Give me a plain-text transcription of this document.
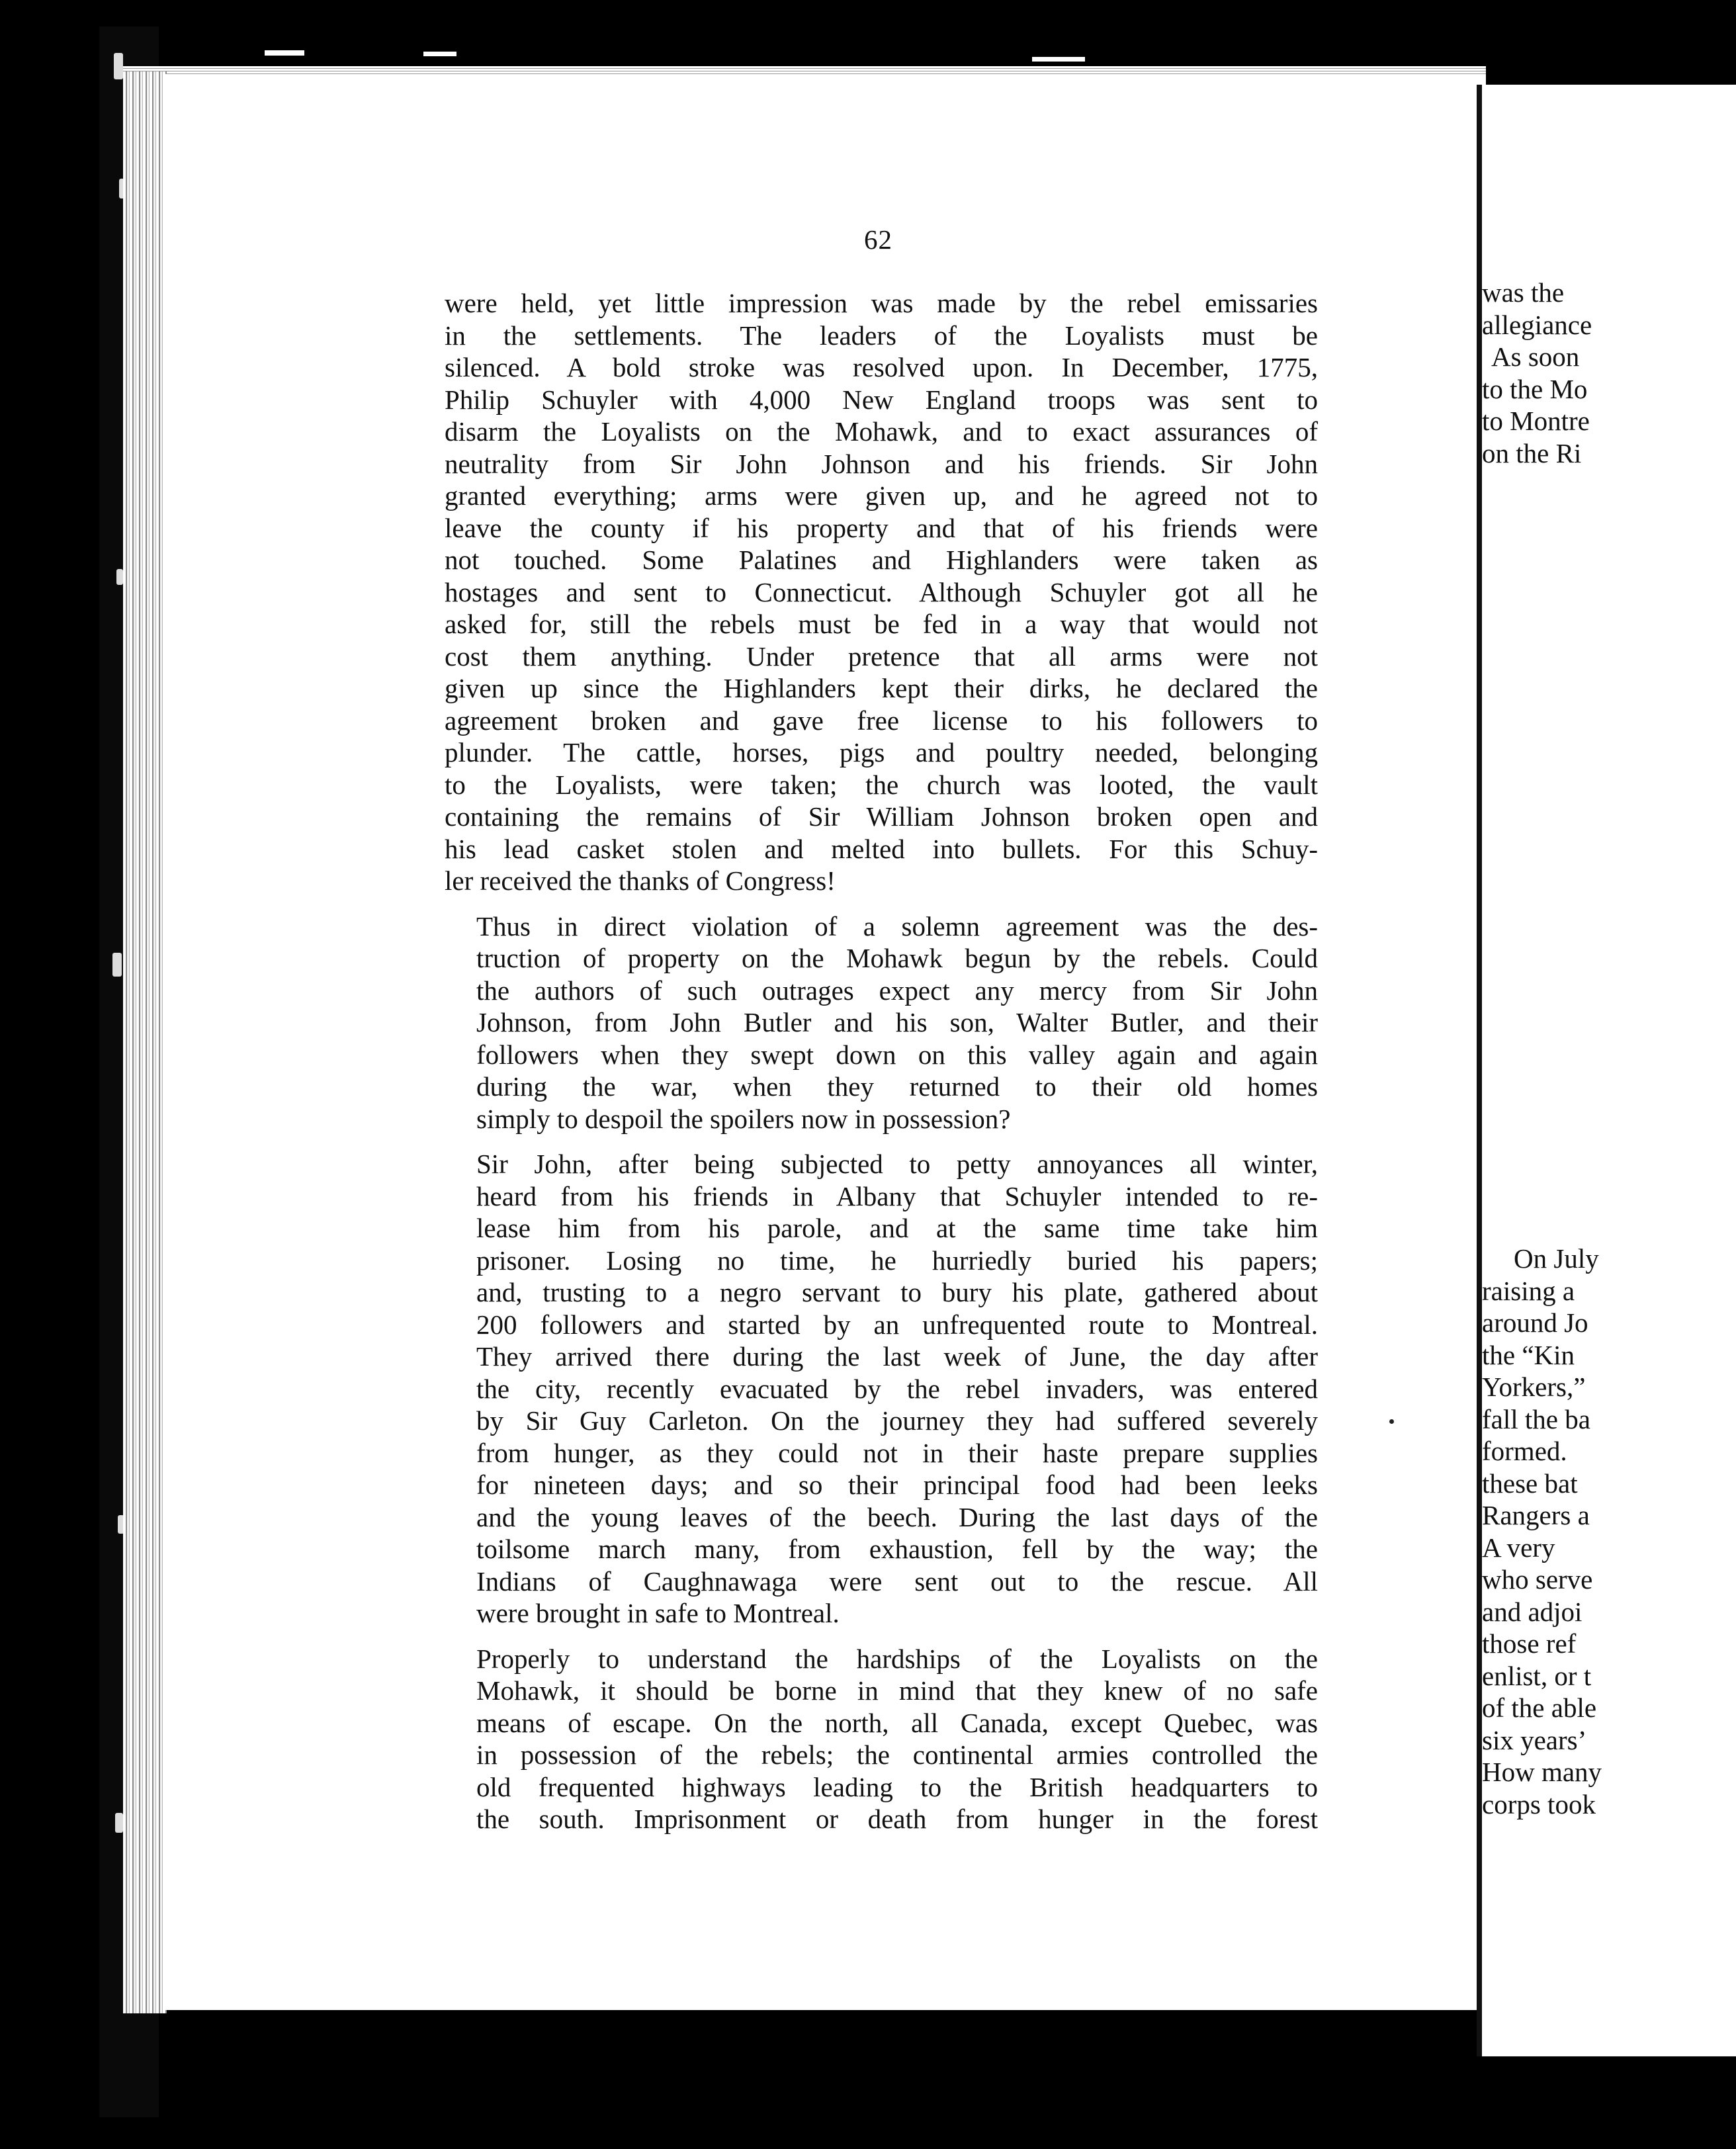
62

were held, yet little impression was made by the rebel emissaries
in the settlements. The leaders of the Loyalists must be
silenced. A bold stroke was resolved upon. In December, 1775,
Philip Schuyler with 4,000 New England troops was sent to
disarm the Loyalists on the Mohawk, and to exact assurances of
neutrality from Sir John Johnson and his friends. Sir John
granted everything; arms were given up, and he agreed not to
leave the county if his property and that of his friends were
not touched. Some Palatines and Highlanders were taken as
hostages and sent to Connecticut. Although Schuyler got all he
asked for, still the rebels must be fed in a way that would not
cost them anything. Under pretence that all arms were not
given up since the Highlanders kept their dirks, he declared the
agreement broken and gave free license to his followers to
plunder. The cattle, horses, pigs and poultry needed, belonging
to the Loyalists, were taken; the church was looted, the vault
containing the remains of Sir William Johnson broken open and
his lead casket stolen and melted into bullets. For this Schuy-
ler received the thanks of Congress!

Thus in direct violation of a solemn agreement was the des-
truction of property on the Mohawk begun by the rebels. Could
the authors of such outrages expect any mercy from Sir John
Johnson, from John Butler and his son, Walter Butler, and their
followers when they swept down on this valley again and again
during the war, when they returned to their old homes
simply to despoil the spoilers now in possession?

Sir John, after being subjected to petty annoyances all winter,
heard from his friends in Albany that Schuyler intended to re-
lease him from his parole, and at the same time take him
prisoner. Losing no time, he hurriedly buried his papers;
and, trusting to a negro servant to bury his plate, gathered about
200 followers and started by an unfrequented route to Montreal.
They arrived there during the last week of June, the day after
the city, recently evacuated by the rebel invaders, was entered
by Sir Guy Carleton. On the journey they had suffered severely
from hunger, as they could not in their haste prepare supplies
for nineteen days; and so their principal food had been leeks
and the young leaves of the beech. During the last days of the
toilsome march many, from exhaustion, fell by the way; the
Indians of Caughnawaga were sent out to the rescue. All
were brought in safe to Montreal.

Properly to understand the hardships of the Loyalists on the
Mohawk, it should be borne in mind that they knew of no safe
means of escape. On the north, all Canada, except Quebec, was
in possession of the rebels; the continental armies controlled the
old frequented highways leading to the British headquarters to
the south. Imprisonment or death from hunger in the forest

was the
allegiance
As soon
to the Mo
to Montre
on the Ri
On July
raising a
around Jo
the “Kin
Yorkers,”
fall the ba
formed.
these bat
Rangers a
A very
who serve
and adjoi
those ref
enlist, or t
of the able
six years’
How many
corps took
